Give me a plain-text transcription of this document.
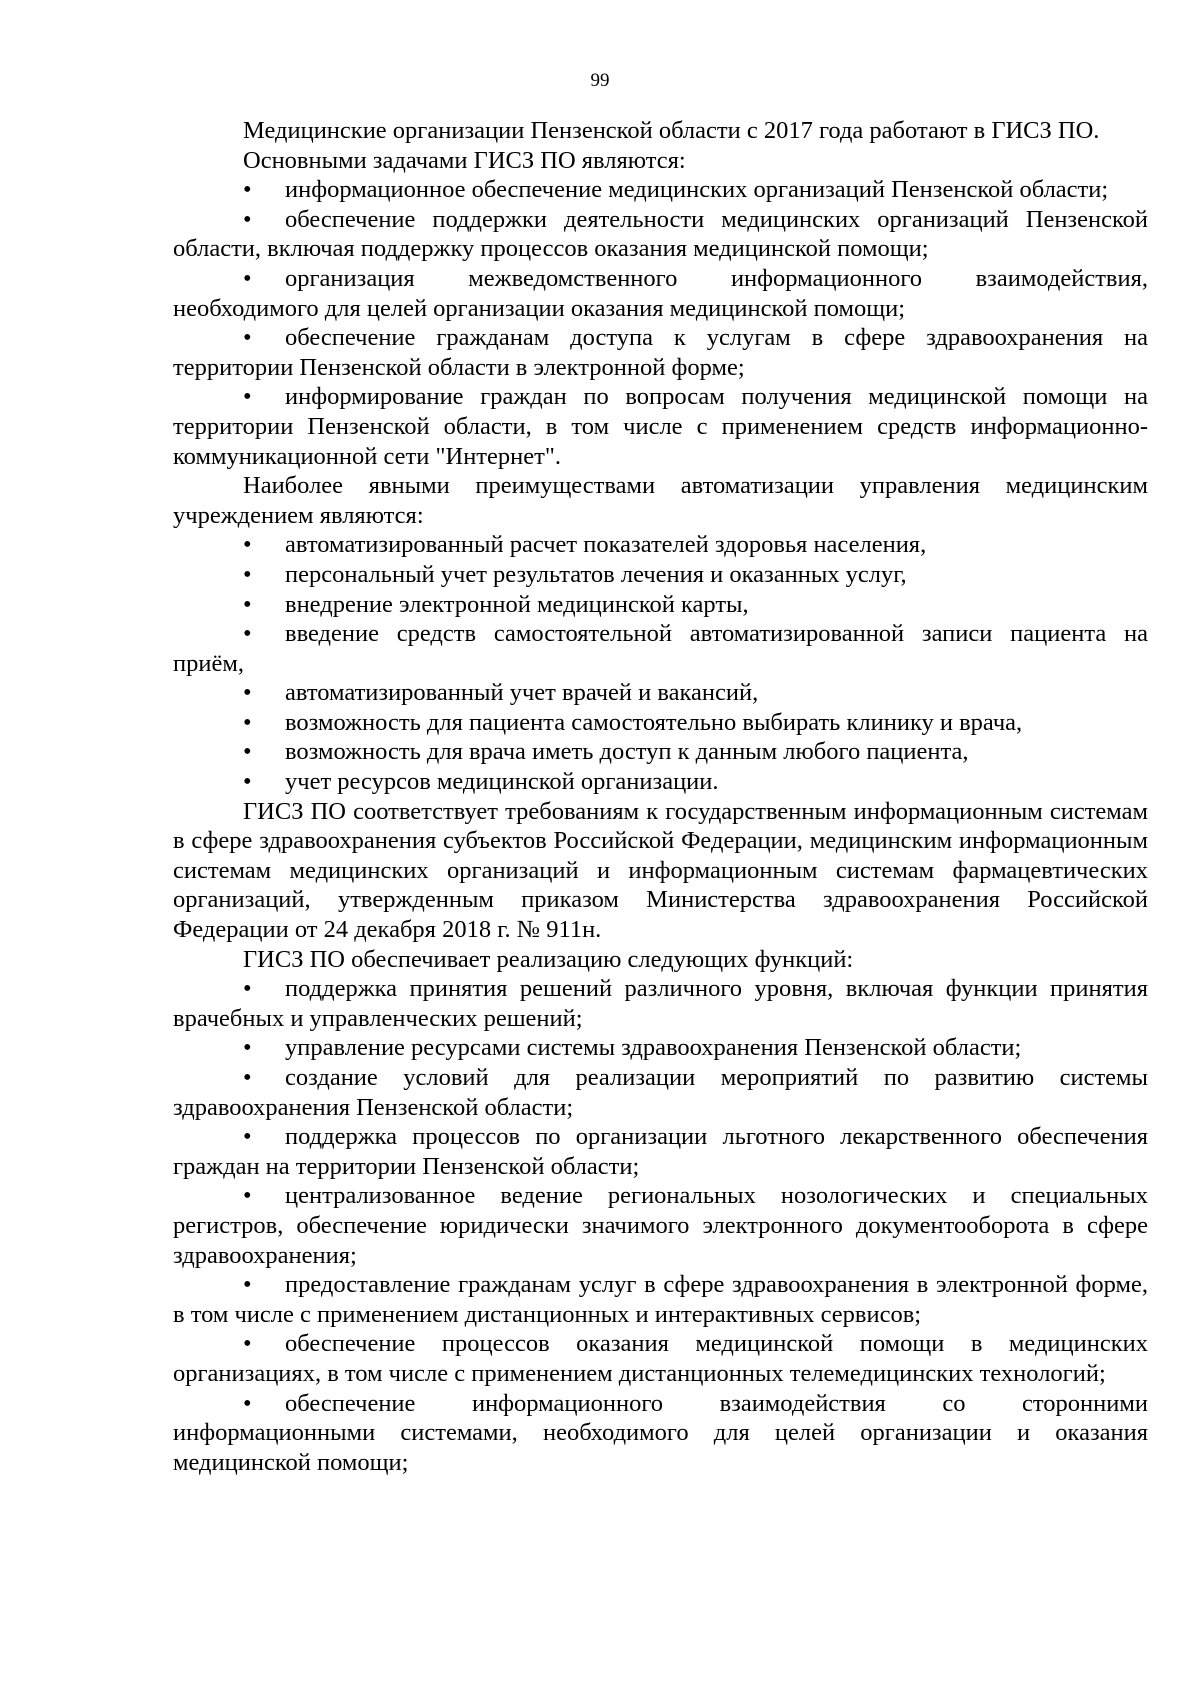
99
Медицинские организации Пензенской области с 2017 года работают в ГИСЗ ПО.
Основными задачами ГИСЗ ПО являются:
• информационное обеспечение медицинских организаций Пензенской области;
• обеспечение поддержки деятельности медицинских организаций Пензенской области, включая поддержку процессов оказания медицинской помощи;
• организация межведомственного информационного взаимодействия, необходимого для целей организации оказания медицинской помощи;
• обеспечение гражданам доступа к услугам в сфере здравоохранения на территории Пензенской области в электронной форме;
• информирование граждан по вопросам получения медицинской помощи на территории Пензенской области, в том числе с применением средств информационно-коммуникационной сети "Интернет".
Наиболее явными преимуществами автоматизации управления медицинским учреждением являются:
• автоматизированный расчет показателей здоровья населения,
• персональный учет результатов лечения и оказанных услуг,
• внедрение электронной медицинской карты,
• введение средств самостоятельной автоматизированной записи пациента на приём,
• автоматизированный учет врачей и вакансий,
• возможность для пациента самостоятельно выбирать клинику и врача,
• возможность для врача иметь доступ к данным любого пациента,
• учет ресурсов медицинской организации.
ГИСЗ ПО соответствует требованиям к государственным информационным системам в сфере здравоохранения субъектов Российской Федерации, медицинским информационным системам медицинских организаций и информационным системам фармацевтических организаций, утвержденным приказом Министерства здравоохранения Российской Федерации от 24 декабря 2018 г. № 911н.
ГИСЗ ПО обеспечивает реализацию следующих функций:
• поддержка принятия решений различного уровня, включая функции принятия врачебных и управленческих решений;
• управление ресурсами системы здравоохранения Пензенской области;
• создание условий для реализации мероприятий по развитию системы здравоохранения Пензенской области;
• поддержка процессов по организации льготного лекарственного обеспечения граждан на территории Пензенской области;
• централизованное ведение региональных нозологических и специальных регистров, обеспечение юридически значимого электронного документооборота в сфере здравоохранения;
• предоставление гражданам услуг в сфере здравоохранения в электронной форме, в том числе с применением дистанционных и интерактивных сервисов;
• обеспечение процессов оказания медицинской помощи в медицинских организациях, в том числе с применением дистанционных телемедицинских технологий;
• обеспечение информационного взаимодействия со сторонними информационными системами, необходимого для целей организации и оказания медицинской помощи;
